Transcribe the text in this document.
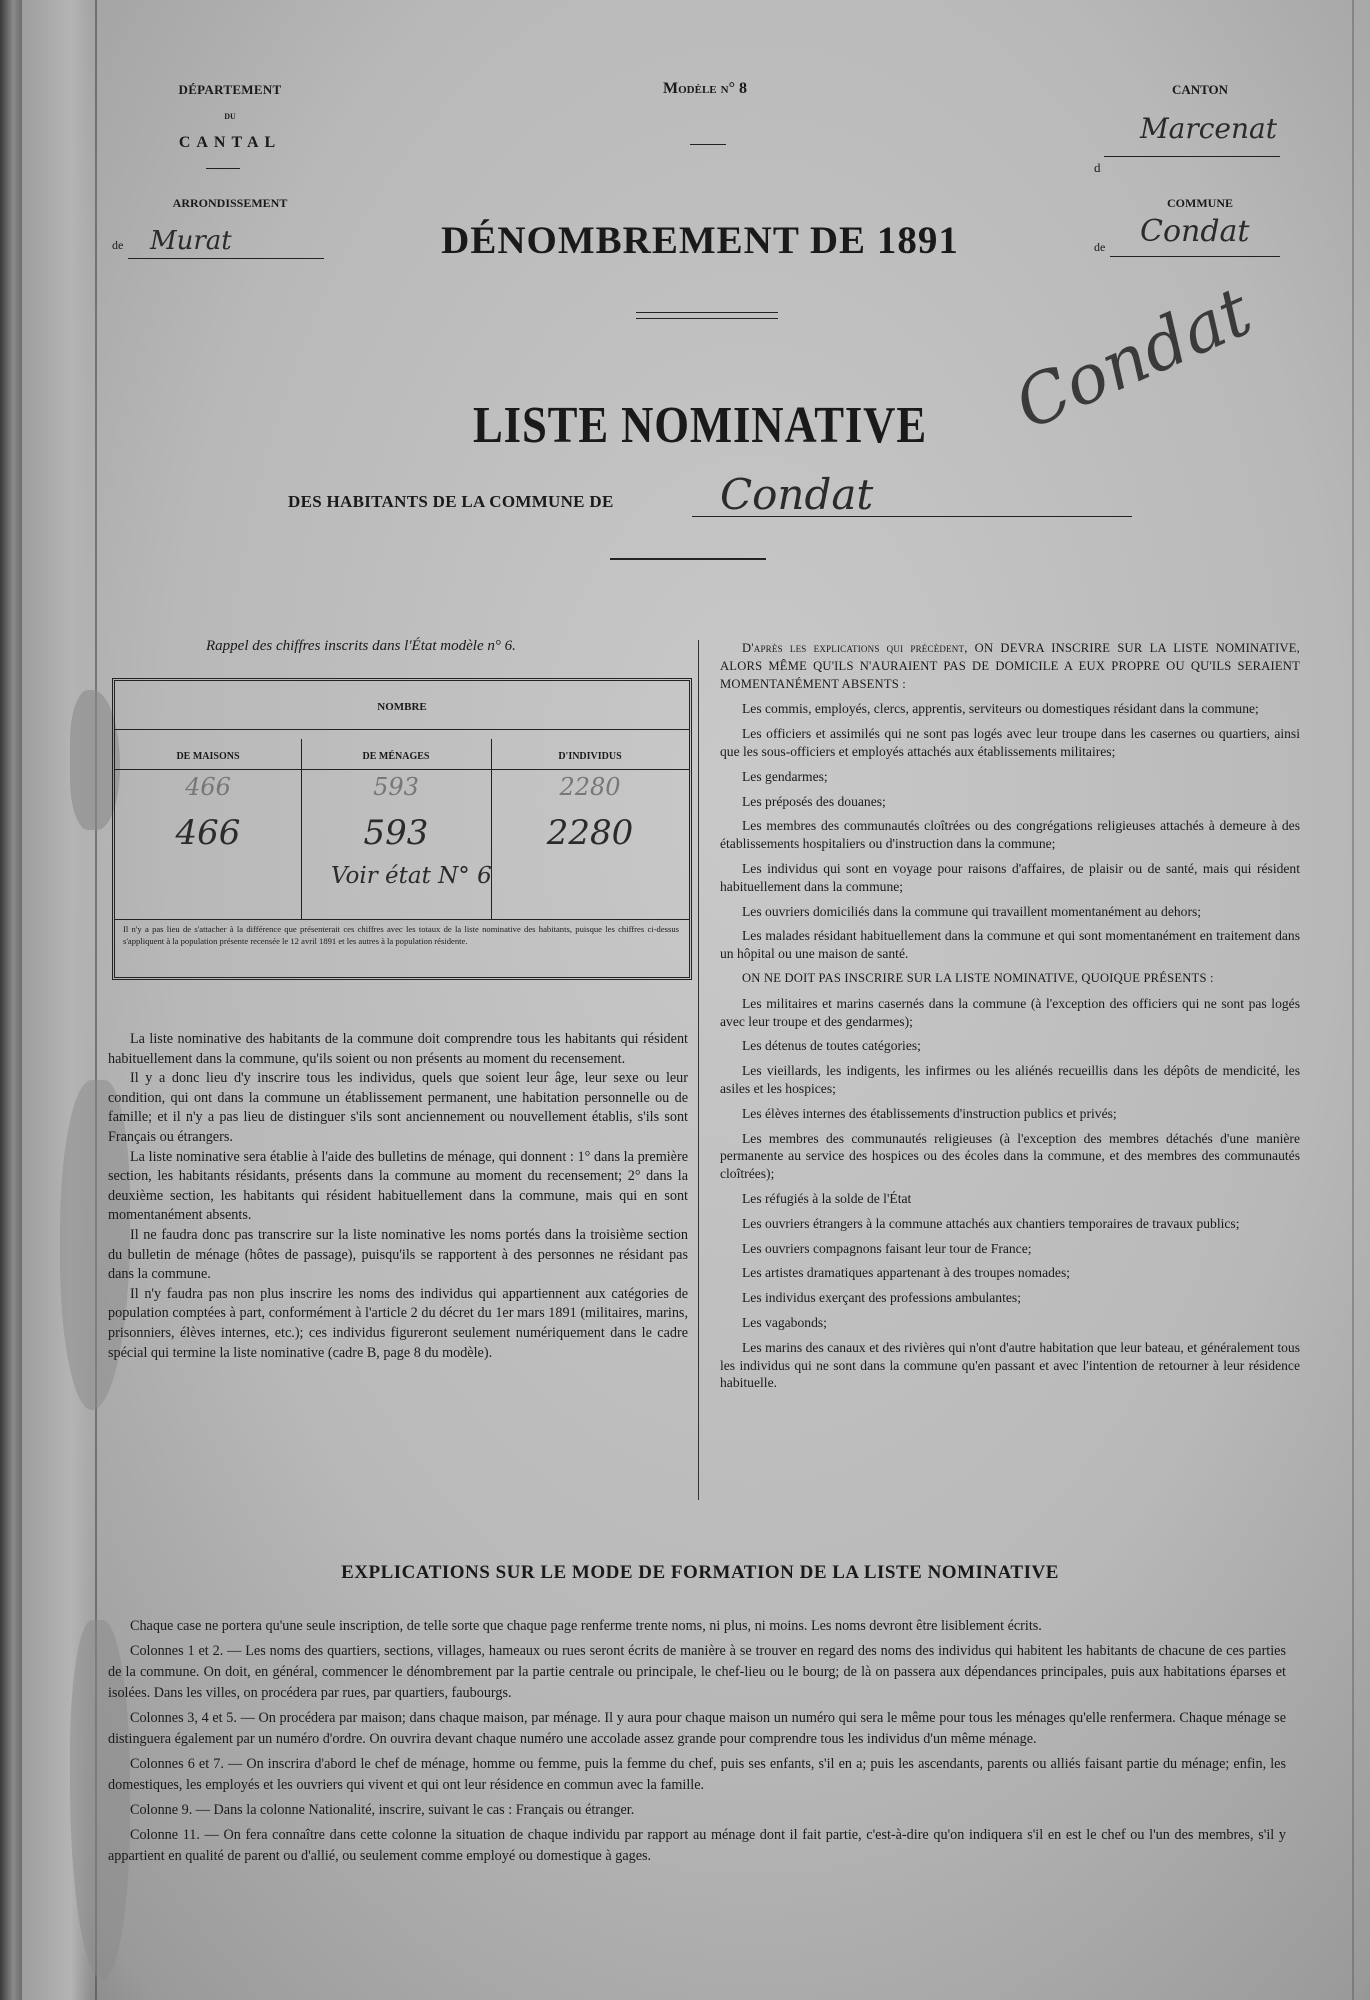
DÉPARTEMENT
DU
CANTAL
ARRONDISSEMENT
de Murat
Modèle n° 8
DÉNOMBREMENT DE 1891
CANTON
d
Marcenat
COMMUNE
de Condat
Condat
LISTE NOMINATIVE
DES HABITANTS DE LA COMMUNE DE	Condat
Rappel des chiffres inscrits dans l'État modèle n° 6.
NOMBRE
DE MAISONS	DE MÉNAGES	D'INDIVIDUS
466	593	2280
466	593	2280
Voir état N° 6
Il n'y a pas lieu de s'attacher à la différence que présenterait ces chiffres avec les totaux de la liste nominative des habitants, puisque les chiffres ci-dessus s'appliquent à la population présente recensée le 12 avril 1891 et les autres à la population résidente.

La liste nominative des habitants de la commune doit comprendre tous les habitants qui résident habituellement dans la commune, qu'ils soient ou non présents au moment du recensement.

Il y a donc lieu d'y inscrire tous les individus, quels que soient leur âge, leur sexe ou leur condition, qui ont dans la commune un établissement permanent, une habitation personnelle ou de famille; et il n'y a pas lieu de distinguer s'ils sont anciennement ou nouvellement établis, s'ils sont Français ou étrangers.

La liste nominative sera établie à l'aide des bulletins de ménage, qui donnent : 1° dans la première section, les habitants résidants, présents dans la commune au moment du recensement; 2° dans la deuxième section, les habitants qui résident habituellement dans la commune, mais qui en sont momentanément absents.

Il ne faudra donc pas transcrire sur la liste nominative les noms portés dans la troisième section du bulletin de ménage (hôtes de passage), puisqu'ils se rapportent à des personnes ne résidant pas dans la commune.

Il n'y faudra pas non plus inscrire les noms des individus qui appartiennent aux catégories de population comptées à part, conformément à l'article 2 du décret du 1er mars 1891 (militaires, marins, prisonniers, élèves internes, etc.); ces individus figureront seulement numériquement dans le cadre spécial qui termine la liste nominative (cadre B, page 8 du modèle).

D'après les explications qui précèdent, ON DEVRA INSCRIRE SUR LA LISTE NOMINATIVE, ALORS MÊME QU'ILS N'AURAIENT PAS DE DOMICILE A EUX PROPRE OU QU'ILS SERAIENT MOMENTANÉMENT ABSENTS :

Les commis, employés, clercs, apprentis, serviteurs ou domestiques résidant dans la commune;

Les officiers et assimilés qui ne sont pas logés avec leur troupe dans les casernes ou quartiers, ainsi que les sous-officiers et employés attachés aux établissements militaires;

Les gendarmes;

Les préposés des douanes;

Les membres des communautés cloîtrées ou des congrégations religieuses attachés à demeure à des établissements hospitaliers ou d'instruction dans la commune;

Les individus qui sont en voyage pour raisons d'affaires, de plaisir ou de santé, mais qui résident habituellement dans la commune;

Les ouvriers domiciliés dans la commune qui travaillent momentanément au dehors;

Les malades résidant habituellement dans la commune et qui sont momentanément en traitement dans un hôpital ou une maison de santé.

ON NE DOIT PAS INSCRIRE SUR LA LISTE NOMINATIVE, QUOIQUE PRÉSENTS :

Les militaires et marins casernés dans la commune (à l'exception des officiers qui ne sont pas logés avec leur troupe et des gendarmes);

Les détenus de toutes catégories;

Les vieillards, les indigents, les infirmes ou les aliénés recueillis dans les dépôts de mendicité, les asiles et les hospices;

Les élèves internes des établissements d'instruction publics et privés;

Les membres des communautés religieuses (à l'exception des membres détachés d'une manière permanente au service des hospices ou des écoles dans la commune, et des membres des communautés cloîtrées);

Les réfugiés à la solde de l'État

Les ouvriers étrangers à la commune attachés aux chantiers temporaires de travaux publics;

Les ouvriers compagnons faisant leur tour de France;

Les artistes dramatiques appartenant à des troupes nomades;

Les individus exerçant des professions ambulantes;

Les vagabonds;

Les marins des canaux et des rivières qui n'ont d'autre habitation que leur bateau, et généralement tous les individus qui ne sont dans la commune qu'en passant et avec l'intention de retourner à leur résidence habituelle.

EXPLICATIONS SUR LE MODE DE FORMATION DE LA LISTE NOMINATIVE

Chaque case ne portera qu'une seule inscription, de telle sorte que chaque page renferme trente noms, ni plus, ni moins. Les noms devront être lisiblement écrits.

Colonnes 1 et 2. — Les noms des quartiers, sections, villages, hameaux ou rues seront écrits de manière à se trouver en regard des noms des individus qui habitent les habitants de chacune de ces parties de la commune. On doit, en général, commencer le dénombrement par la partie centrale ou principale, le chef-lieu ou le bourg; de là on passera aux dépendances principales, puis aux habitations éparses et isolées. Dans les villes, on procédera par rues, par quartiers, faubourgs.

Colonnes 3, 4 et 5. — On procédera par maison; dans chaque maison, par ménage. Il y aura pour chaque maison un numéro qui sera le même pour tous les ménages qu'elle renfermera. Chaque ménage se distinguera également par un numéro d'ordre. On ouvrira devant chaque numéro une accolade assez grande pour comprendre tous les individus d'un même ménage.

Colonnes 6 et 7. — On inscrira d'abord le chef de ménage, homme ou femme, puis la femme du chef, puis ses enfants, s'il en a; puis les ascendants, parents ou alliés faisant partie du ménage; enfin, les domestiques, les employés et les ouvriers qui vivent et qui ont leur résidence en commun avec la famille.

Colonne 9. — Dans la colonne Nationalité, inscrire, suivant le cas : Français ou étranger.

Colonne 11. — On fera connaître dans cette colonne la situation de chaque individu par rapport au ménage dont il fait partie, c'est-à-dire qu'on indiquera s'il en est le chef ou l'un des membres, s'il y appartient en qualité de parent ou d'allié, ou seulement comme employé ou domestique à gages.
